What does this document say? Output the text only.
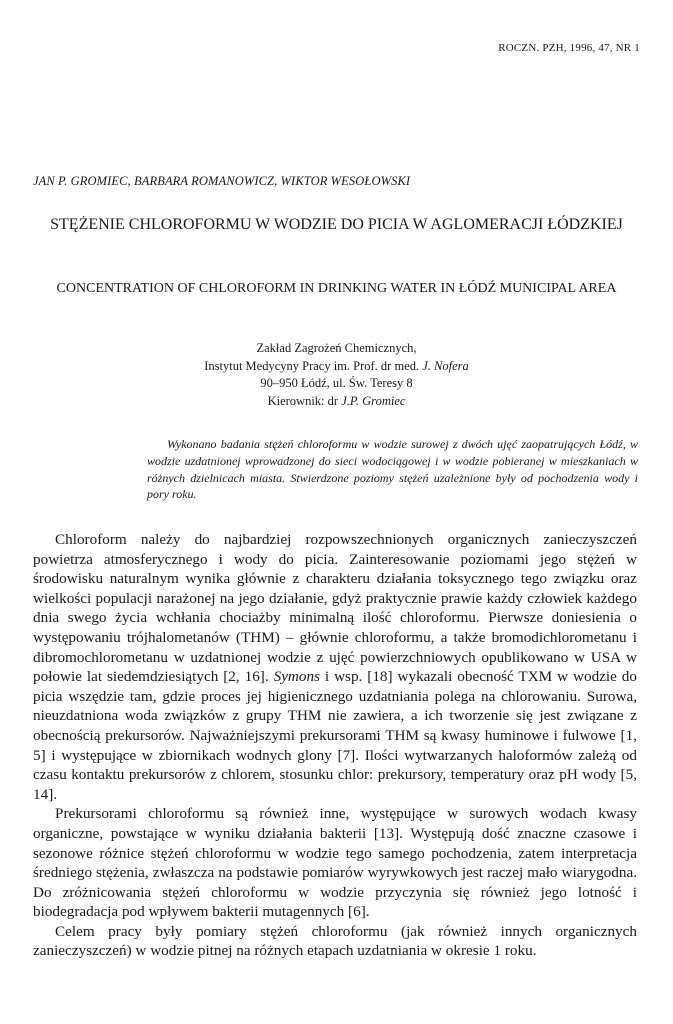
ROCZN. PZH, 1996, 47, NR 1
JAN P. GROMIEC, BARBARA ROMANOWICZ, WIKTOR WESOŁOWSKI
STĘŻENIE CHLOROFORMU W WODZIE DO PICIA W AGLOMERACJI ŁÓDZKIEJ
CONCENTRATION OF CHLOROFORM IN DRINKING WATER IN ŁÓDŹ MUNICIPAL AREA
Zakład Zagrożeń Chemicznych,
Instytut Medycyny Pracy im. Prof. dr med. J. Nofera
90–950 Łódź, ul. Św. Teresy 8
Kierownik: dr J.P. Gromiec
Wykonano badania stężeń chloroformu w wodzie surowej z dwóch ujęć zaopatrujących Łódź, w wodzie uzdatnionej wprowadzonej do sieci wodociągowej i w wodzie pobieranej w mieszkaniach w różnych dzielnicach miasta. Stwierdzone poziomy stężeń uzależnione były od pochodzenia wody i pory roku.

Chloroform należy do najbardziej rozpowszechnionych organicznych zanieczyszczeń powietrza atmosferycznego i wody do picia. Zainteresowanie poziomami jego stężeń w środowisku naturalnym wynika głównie z charakteru działania toksycznego tego związku oraz wielkości populacji narażonej na jego działanie, gdyż praktycznie prawie każdy człowiek każdego dnia swego życia wchłania chociażby minimalną ilość chloroformu. Pierwsze doniesienia o występowaniu trójhalometanów (THM) – głównie chloroformu, a także bromodichlorometanu i dibromochlorometanu w uzdatnionej wodzie z ujęć powierzchniowych opublikowano w USA w połowie lat siedemdziesiątych [2, 16]. Symons i wsp. [18] wykazali obecność TXM w wodzie do picia wszędzie tam, gdzie proces jej higienicznego uzdatniania polega na chlorowaniu. Surowa, nieuzdatniona woda związków z grupy THM nie zawiera, a ich tworzenie się jest związane z obecnością prekursorów. Najważniejszymi prekursorami THM są kwasy huminowe i fulwowe [1, 5] i występujące w zbiornikach wodnych glony [7]. Ilości wytwarzanych haloformów zależą od czasu kontaktu prekursorów z chlorem, stosunku chlor: prekursory, temperatury oraz pH wody [5, 14].

Prekursorami chloroformu są również inne, występujące w surowych wodach kwasy organiczne, powstające w wyniku działania bakterii [13]. Występują dość znaczne czasowe i sezonowe różnice stężeń chloroformu w wodzie tego samego pochodzenia, zatem interpretacja średniego stężenia, zwłaszcza na podstawie pomiarów wyrywkowych jest raczej mało wiarygodna. Do zróżnicowania stężeń chloroformu w wodzie przyczynia się również jego lotność i biodegradacja pod wpływem bakterii mutagennych [6].

Celem pracy były pomiary stężeń chloroformu (jak również innych organicznych zanieczyszczeń) w wodzie pitnej na różnych etapach uzdatniania w okresie 1 roku.
